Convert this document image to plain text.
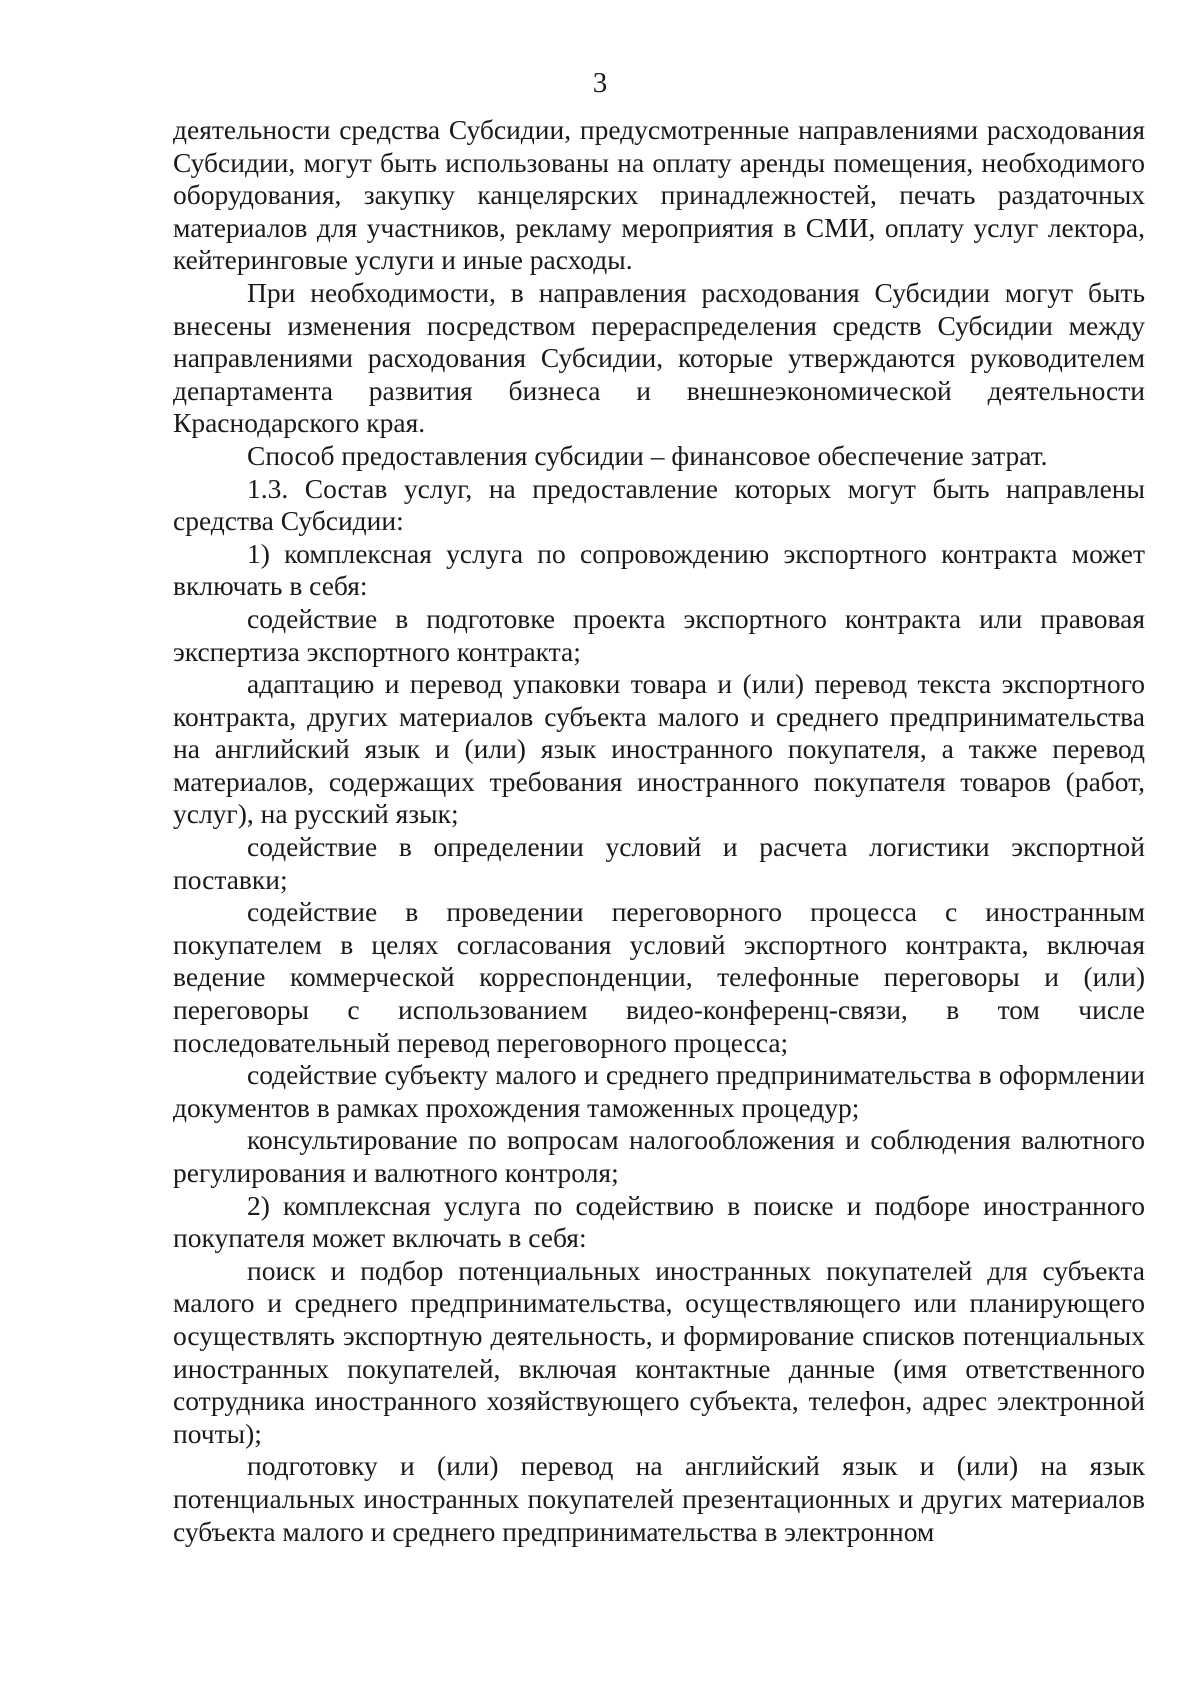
3

деятельности средства Субсидии, предусмотренные направлениями расходования Субсидии, могут быть использованы на оплату аренды помещения, необходимого оборудования, закупку канцелярских принадлежностей, печать раздаточных материалов для участников, рекламу мероприятия в СМИ, оплату услуг лектора, кейтеринговые услуги и иные расходы.

При необходимости, в направления расходования Субсидии могут быть внесены изменения посредством перераспределения средств Субсидии между направлениями расходования Субсидии, которые утверждаются руководителем департамента развития бизнеса и внешнеэкономической деятельности Краснодарского края.

Способ предоставления субсидии – финансовое обеспечение затрат.

1.3. Состав услуг, на предоставление которых могут быть направлены средства Субсидии:

1) комплексная услуга по сопровождению экспортного контракта может включать в себя:

содействие в подготовке проекта экспортного контракта или правовая экспертиза экспортного контракта;

адаптацию и перевод упаковки товара и (или) перевод текста экспортного контракта, других материалов субъекта малого и среднего предпринимательства на английский язык и (или) язык иностранного покупателя, а также перевод материалов, содержащих требования иностранного покупателя товаров (работ, услуг), на русский язык;

содействие в определении условий и расчета логистики экспортной поставки;

содействие в проведении переговорного процесса с иностранным покупателем в целях согласования условий экспортного контракта, включая ведение коммерческой корреспонденции, телефонные переговоры и (или) переговоры с использованием видео-конференц-связи, в том числе последовательный перевод переговорного процесса;

содействие субъекту малого и среднего предпринимательства в оформлении документов в рамках прохождения таможенных процедур;

консультирование по вопросам налогообложения и соблюдения валютного регулирования и валютного контроля;

2) комплексная услуга по содействию в поиске и подборе иностранного покупателя может включать в себя:

поиск и подбор потенциальных иностранных покупателей для субъекта малого и среднего предпринимательства, осуществляющего или планирующего осуществлять экспортную деятельность, и формирование списков потенциальных иностранных покупателей, включая контактные данные (имя ответственного сотрудника иностранного хозяйствующего субъекта, телефон, адрес электронной почты);

подготовку и (или) перевод на английский язык и (или) на язык потенциальных иностранных покупателей презентационных и других материалов субъекта малого и среднего предпринимательства в электронном
